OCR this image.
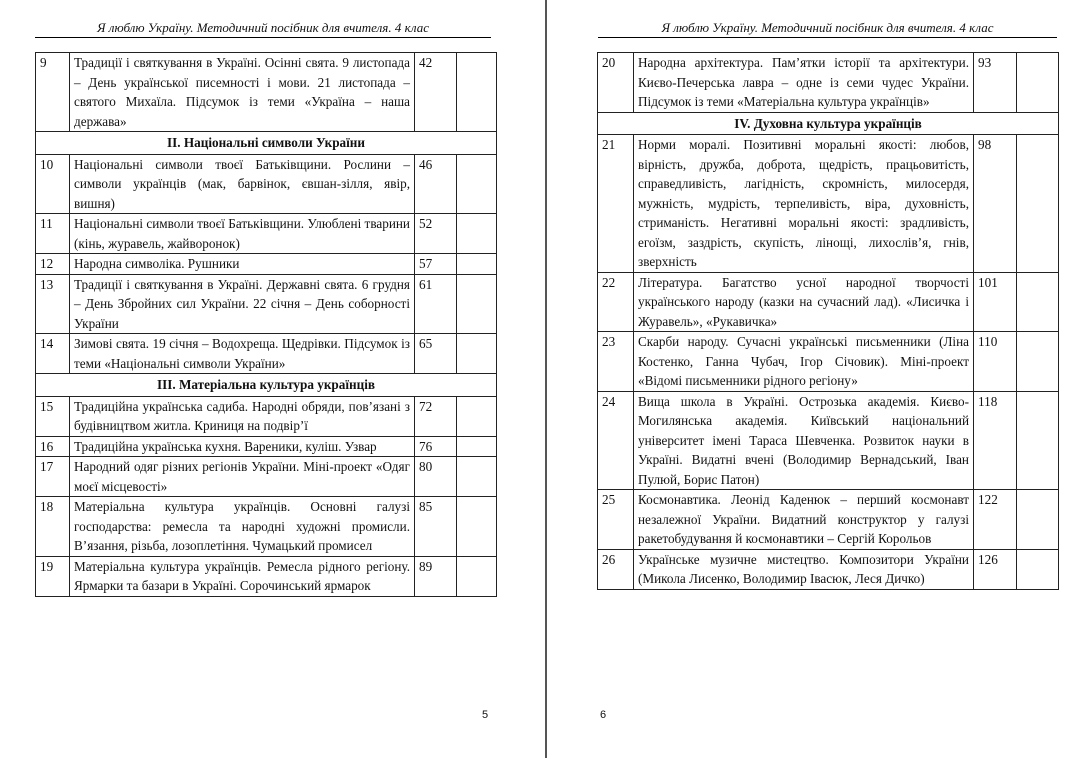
Я люблю Україну. Методичний посібник для вчителя. 4 клас
9	Традиції і святкування в Україні. Осінні свята. 9 листопада – День української писемності і мови. 21 листопада – святого Михаїла. Підсумок із теми «Україна – наша держава»	42	
ІІ. Національні символи України			
10	Національні символи твоєї Батьківщини. Рослини – символи українців (мак, барвінок, євшан-зілля, явір, вишня)	46	
11	Національні символи твоєї Батьківщини. Улюблені тварини (кінь, журавель, жайворонок)	52	
12	Народна символіка. Рушники	57	
13	Традиції і святкування в Україні. Державні свята. 6 грудня – День Збройних сил України. 22 січня – День соборності України	61	
14	Зимові свята. 19 січня – Водохреща. Щедрівки. Підсумок із теми «Національні символи України»	65	
ІІІ. Матеріальна культура українців			
15	Традиційна українська садиба. Народні обряди, пов’язані з будівництвом житла. Криниця на подвір’ї	72	
16	Традиційна українська кухня. Вареники, куліш. Узвар	76	
17	Народний одяг різних регіонів України. Міні-проект «Одяг моєї місцевості»	80	
18	Матеріальна культура українців. Основні галузі господарства: ремесла та народні художні промисли. В’язання, різьба, лозоплетіння. Чумацький промисел	85	
19	Матеріальна культура українців. Ремесла рідного регіону. Ярмарки та базари в Україні. Сорочинський ярмарок	89	
5
Я люблю Україну. Методичний посібник для вчителя. 4 клас
20	Народна архітектура. Пам’ятки історії та архітектури. Києво-Печерська лавра – одне із семи чудес України. Підсумок із теми «Матеріальна культура українців»	93	
ІV. Духовна культура українців			
21	Норми моралі. Позитивні моральні якості: любов, вірність, дружба, доброта, щедрість, працьовитість, справедливість, лагідність, скромність, милосердя, мужність, мудрість, терпеливість, віра, духовність, стриманість. Негативні моральні якості: зрадливість, егоїзм, заздрість, скупість, лінощі, лихослів’я, гнів, зверхність	98	
22	Література. Багатство усної народної творчості українського народу (казки на сучасний лад). «Лисичка і Журавель», «Рукавичка»	101	
23	Скарби народу. Сучасні українські письменники (Ліна Костенко, Ганна Чубач, Ігор Січовик). Міні-проект «Відомі письменники рідного регіону»	110	
24	Вища школа в Україні. Острозька академія. Києво-Могилянська академія. Київський національний університет імені Тараса Шевченка. Розвиток науки в Україні. Видатні вчені (Володимир Вернадський, Іван Пулюй, Борис Патон)	118	
25	Космонавтика. Леонід Каденюк – перший космонавт незалежної України. Видатний конструктор у галузі ракетобудування й космонавтики – Сергій Корольов	122	
26	Українське музичне мистецтво. Композитори України (Микола Лисенко, Володимир Івасюк, Леся Дичко)	126	
6
